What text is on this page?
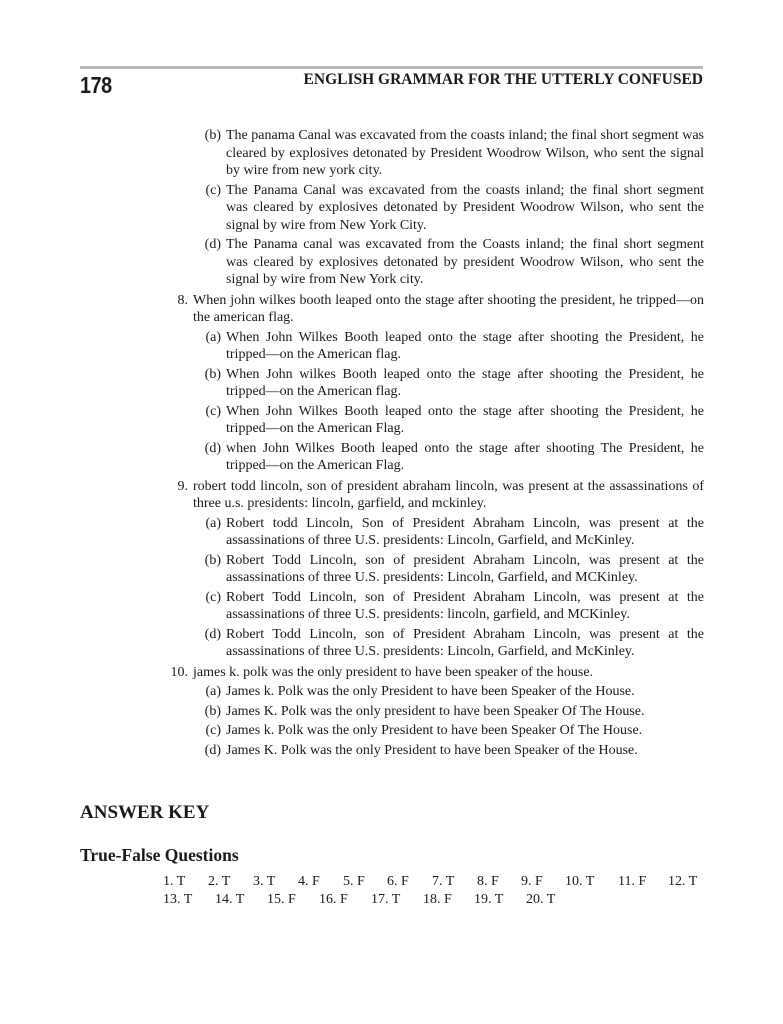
178	ENGLISH GRAMMAR FOR THE UTTERLY CONFUSED
(b) The panama Canal was excavated from the coasts inland; the final short segment was cleared by explosives detonated by President Woodrow Wilson, who sent the signal by wire from new york city.
(c) The Panama Canal was excavated from the coasts inland; the final short segment was cleared by explosives detonated by President Woodrow Wilson, who sent the signal by wire from New York City.
(d) The Panama canal was excavated from the Coasts inland; the final short segment was cleared by explosives detonated by president Woodrow Wilson, who sent the signal by wire from New York city.
8. When john wilkes booth leaped onto the stage after shooting the president, he tripped—on the american flag.
(a) When John Wilkes Booth leaped onto the stage after shooting the President, he tripped—on the American flag.
(b) When John wilkes Booth leaped onto the stage after shooting the President, he tripped—on the American flag.
(c) When John Wilkes Booth leaped onto the stage after shooting the President, he tripped—on the American Flag.
(d) when John Wilkes Booth leaped onto the stage after shooting The President, he tripped—on the American Flag.
9. robert todd lincoln, son of president abraham lincoln, was present at the assassinations of three u.s. presidents: lincoln, garfield, and mckinley.
(a) Robert todd Lincoln, Son of President Abraham Lincoln, was present at the assassinations of three U.S. presidents: Lincoln, Garfield, and McKinley.
(b) Robert Todd Lincoln, son of president Abraham Lincoln, was present at the assassinations of three U.S. presidents: Lincoln, Garfield, and MCKinley.
(c) Robert Todd Lincoln, son of President Abraham Lincoln, was present at the assassinations of three U.S. presidents: lincoln, garfield, and MCKinley.
(d) Robert Todd Lincoln, son of President Abraham Lincoln, was present at the assassinations of three U.S. presidents: Lincoln, Garfield, and McKinley.
10. james k. polk was the only president to have been speaker of the house.
(a) James k. Polk was the only President to have been Speaker of the House.
(b) James K. Polk was the only president to have been Speaker Of The House.
(c) James k. Polk was the only President to have been Speaker Of The House.
(d) James K. Polk was the only President to have been Speaker of the House.
ANSWER KEY
True-False Questions
1. T 2. T 3. T 4. F 5. F 6. F 7. T 8. F 9. F 10. T 11. F 12. T
13. T 14. T 15. F 16. F 17. T 18. F 19. T 20. T
